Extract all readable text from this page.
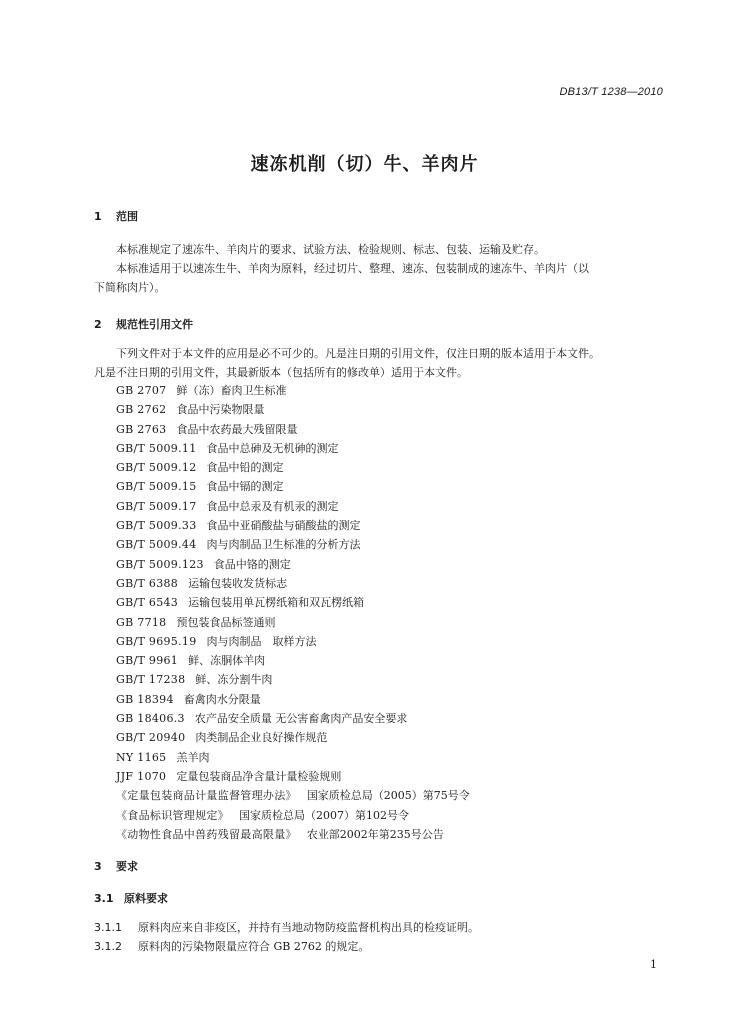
DB13/T 1238—2010
速冻机削（切）牛、羊肉片
1 范围
本标准规定了速冻牛、羊肉片的要求、试验方法、检验规则、标志、包装、运输及贮存。
本标准适用于以速冻生牛、羊肉为原料，经过切片、整理、速冻、包装制成的速冻牛、羊肉片（以
下简称肉片）。
2 规范性引用文件
下列文件对于本文件的应用是必不可少的。凡是注日期的引用文件，仅注日期的版本适用于本文件。
凡是不注日期的引用文件，其最新版本（包括所有的修改单）适用于本文件。
GB 2707 鲜（冻）畜肉卫生标准
GB 2762 食品中污染物限量
GB 2763 食品中农药最大残留限量
GB/T 5009.11 食品中总砷及无机砷的测定
GB/T 5009.12 食品中铅的测定
GB/T 5009.15 食品中镉的测定
GB/T 5009.17 食品中总汞及有机汞的测定
GB/T 5009.33 食品中亚硝酸盐与硝酸盐的测定
GB/T 5009.44 肉与肉制品卫生标准的分析方法
GB/T 5009.123 食品中铬的测定
GB/T 6388 运输包装收发货标志
GB/T 6543 运输包装用单瓦楞纸箱和双瓦楞纸箱
GB 7718 预包装食品标签通则
GB/T 9695.19 肉与肉制品　取样方法
GB/T 9961 鲜、冻胴体羊肉
GB/T 17238 鲜、冻分割牛肉
GB 18394 畜禽肉水分限量
GB 18406.3 农产品安全质量 无公害畜禽肉产品安全要求
GB/T 20940 肉类制品企业良好操作规范
NY 1165 羔羊肉
JJF 1070 定量包装商品净含量计量检验规则
《定量包装商品计量监督管理办法》 国家质检总局（2005）第75号令
《食品标识管理规定》 国家质检总局（2007）第102号令
《动物性食品中兽药残留最高限量》 农业部2002年第235号公告
3 要求
3.1 原料要求
3.1.1 原料肉应来自非疫区，并持有当地动物防疫监督机构出具的检疫证明。
3.1.2 原料肉的污染物限量应符合 GB 2762 的规定。
1
